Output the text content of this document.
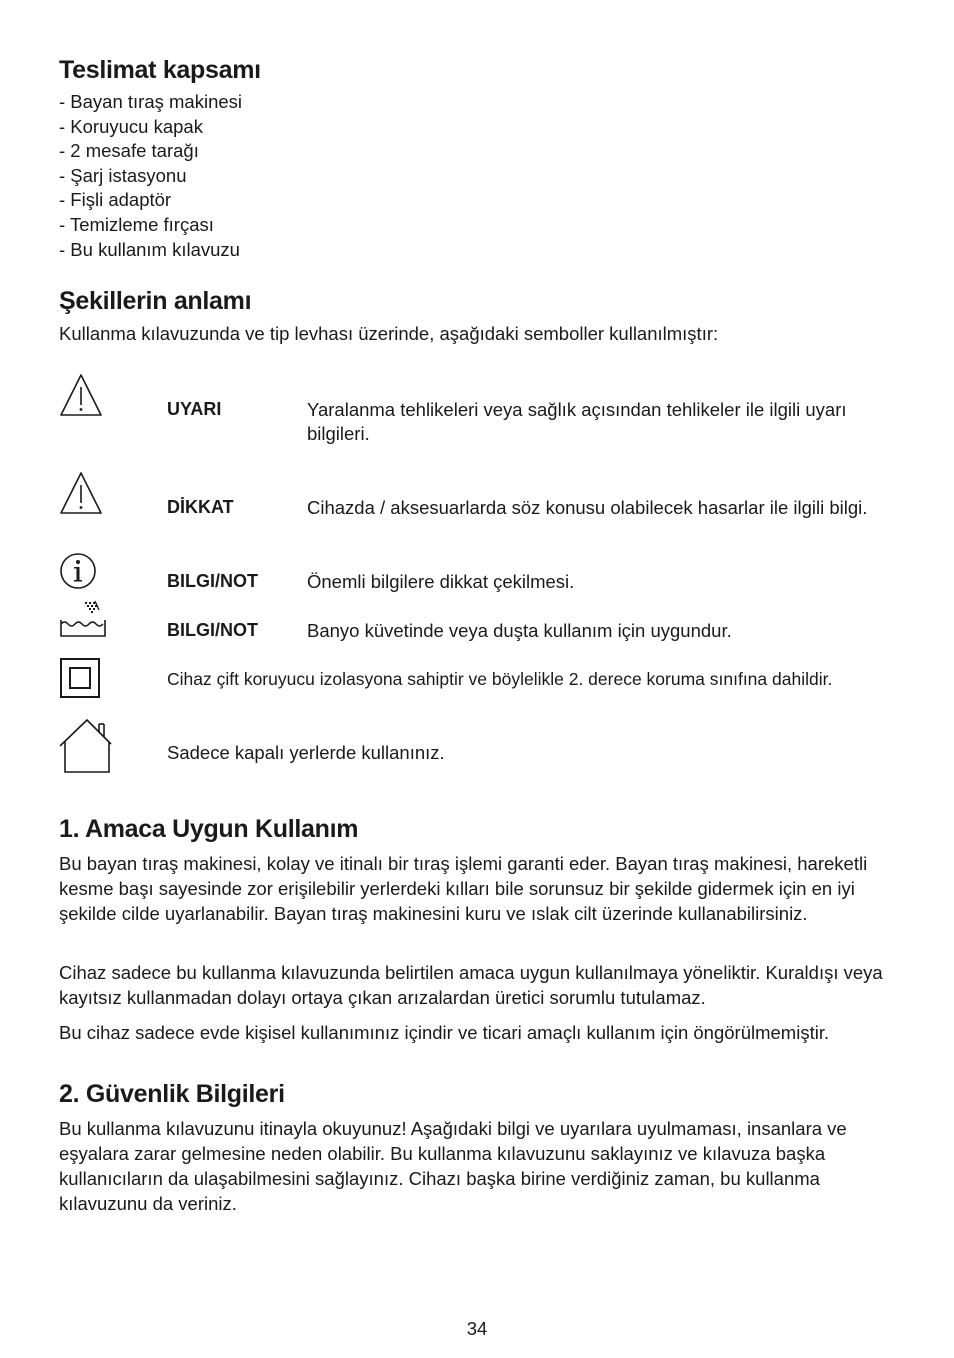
Teslimat kapsamı
- Bayan tıraş makinesi
- Koruyucu kapak
- 2 mesafe tarağı
- Şarj istasyonu
- Fişli adaptör
- Temizleme fırçası
- Bu kullanım kılavuzu
Şekillerin anlamı
Kullanma kılavuzunda ve tip levhası üzerinde, aşağıdaki semboller kullanılmıştır:
UYARI	Yaralanma tehlikeleri veya sağlık açısından tehlikeler ile ilgili uyarı bilgileri.
DİKKAT	Cihazda / aksesuarlarda söz konusu olabilecek hasarlar ile ilgili bilgi.
BILGI/NOT	Önemli bilgilere dikkat çekilmesi.
BILGI/NOT	Banyo küvetinde veya duşta kullanım için uygundur.
Cihaz çift koruyucu izolasyona sahiptir ve böylelikle 2. derece koruma sınıfına dahildir.
Sadece kapalı yerlerde kullanınız.
1. Amaca Uygun Kullanım

Bu bayan tıraş makinesi, kolay ve itinalı bir tıraş işlemi garanti eder. Bayan tıraş makinesi, hareketli kesme başı sayesinde zor erişilebilir yerlerdeki kılları bile sorunsuz bir şekilde gidermek için en iyi şekilde cilde uyarlanabilir. Bayan tıraş makinesini kuru ve ıslak cilt üzerinde kullanabilirsiniz.

Cihaz sadece bu kullanma kılavuzunda belirtilen amaca uygun kullanılmaya yöneliktir. Kuraldışı veya kayıtsız kullanmadan dolayı ortaya çıkan arızalardan üretici sorumlu tutulamaz.

Bu cihaz sadece evde kişisel kullanımınız içindir ve ticari amaçlı kullanım için öngörülmemiştir.

2. Güvenlik Bilgileri

Bu kullanma kılavuzunu itinayla okuyunuz! Aşağıdaki bilgi ve uyarılara uyulmaması, insanlara ve eşyalara zarar gelmesine neden olabilir. Bu kullanma kılavuzunu saklayınız ve kılavuza başka kullanıcıların da ulaşabilmesini sağlayınız. Cihazı başka birine verdiğiniz zaman, bu kullanma kılavuzunu da veriniz.

34
